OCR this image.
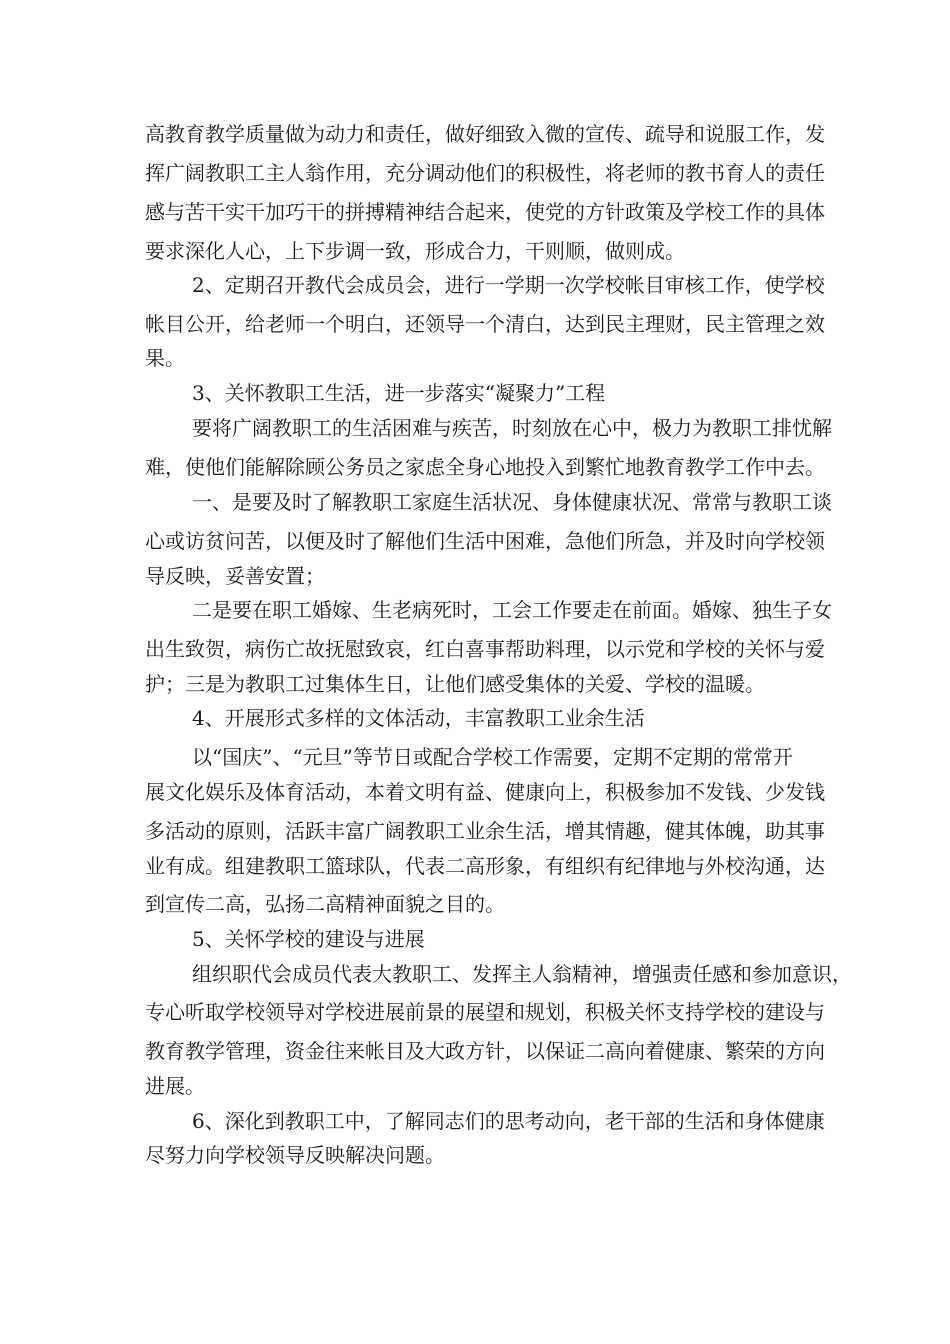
高教育教学质量做为动力和责任，做好细致入微的宣传、疏导和说服工作，发
挥广阔教职工主人翁作用，充分调动他们的积极性，将老师的教书育人的责任
感与苦干实干加巧干的拼搏精神结合起来，使党的方针政策及学校工作的具体
要求深化人心，上下步调一致，形成合力，干则顺，做则成。
2、定期召开教代会成员会，进行一学期一次学校帐目审核工作，使学校
帐目公开，给老师一个明白，还领导一个清白，达到民主理财，民主管理之效
果。
3、关怀教职工生活，进一步落实“凝聚力”工程
要将广阔教职工的生活困难与疾苦，时刻放在心中，极力为教职工排忧解
难，使他们能解除顾公务员之家虑全身心地投入到繁忙地教育教学工作中去。
一、是要及时了解教职工家庭生活状况、身体健康状况、常常与教职工谈
心或访贫问苦，以便及时了解他们生活中困难，急他们所急，并及时向学校领
导反映，妥善安置；
二是要在职工婚嫁、生老病死时，工会工作要走在前面。婚嫁、独生子女
出生致贺，病伤亡故抚慰致哀，红白喜事帮助料理，以示党和学校的关怀与爱
护；三是为教职工过集体生日，让他们感受集体的关爱、学校的温暖。
4、开展形式多样的文体活动，丰富教职工业余生活
以“国庆”、“元旦”等节日或配合学校工作需要，定期不定期的常常开
展文化娱乐及体育活动，本着文明有益、健康向上，积极参加不发钱、少发钱
多活动的原则，活跃丰富广阔教职工业余生活，增其情趣，健其体魄，助其事
业有成。组建教职工篮球队，代表二高形象，有组织有纪律地与外校沟通，达
到宣传二高，弘扬二高精神面貌之目的。
5、关怀学校的建设与进展
组织职代会成员代表大教职工、发挥主人翁精神，增强责任感和参加意识，
专心听取学校领导对学校进展前景的展望和规划，积极关怀支持学校的建设与
教育教学管理，资金往来帐目及大政方针，以保证二高向着健康、繁荣的方向
进展。
6、深化到教职工中，了解同志们的思考动向，老干部的生活和身体健康
尽努力向学校领导反映解决问题。
